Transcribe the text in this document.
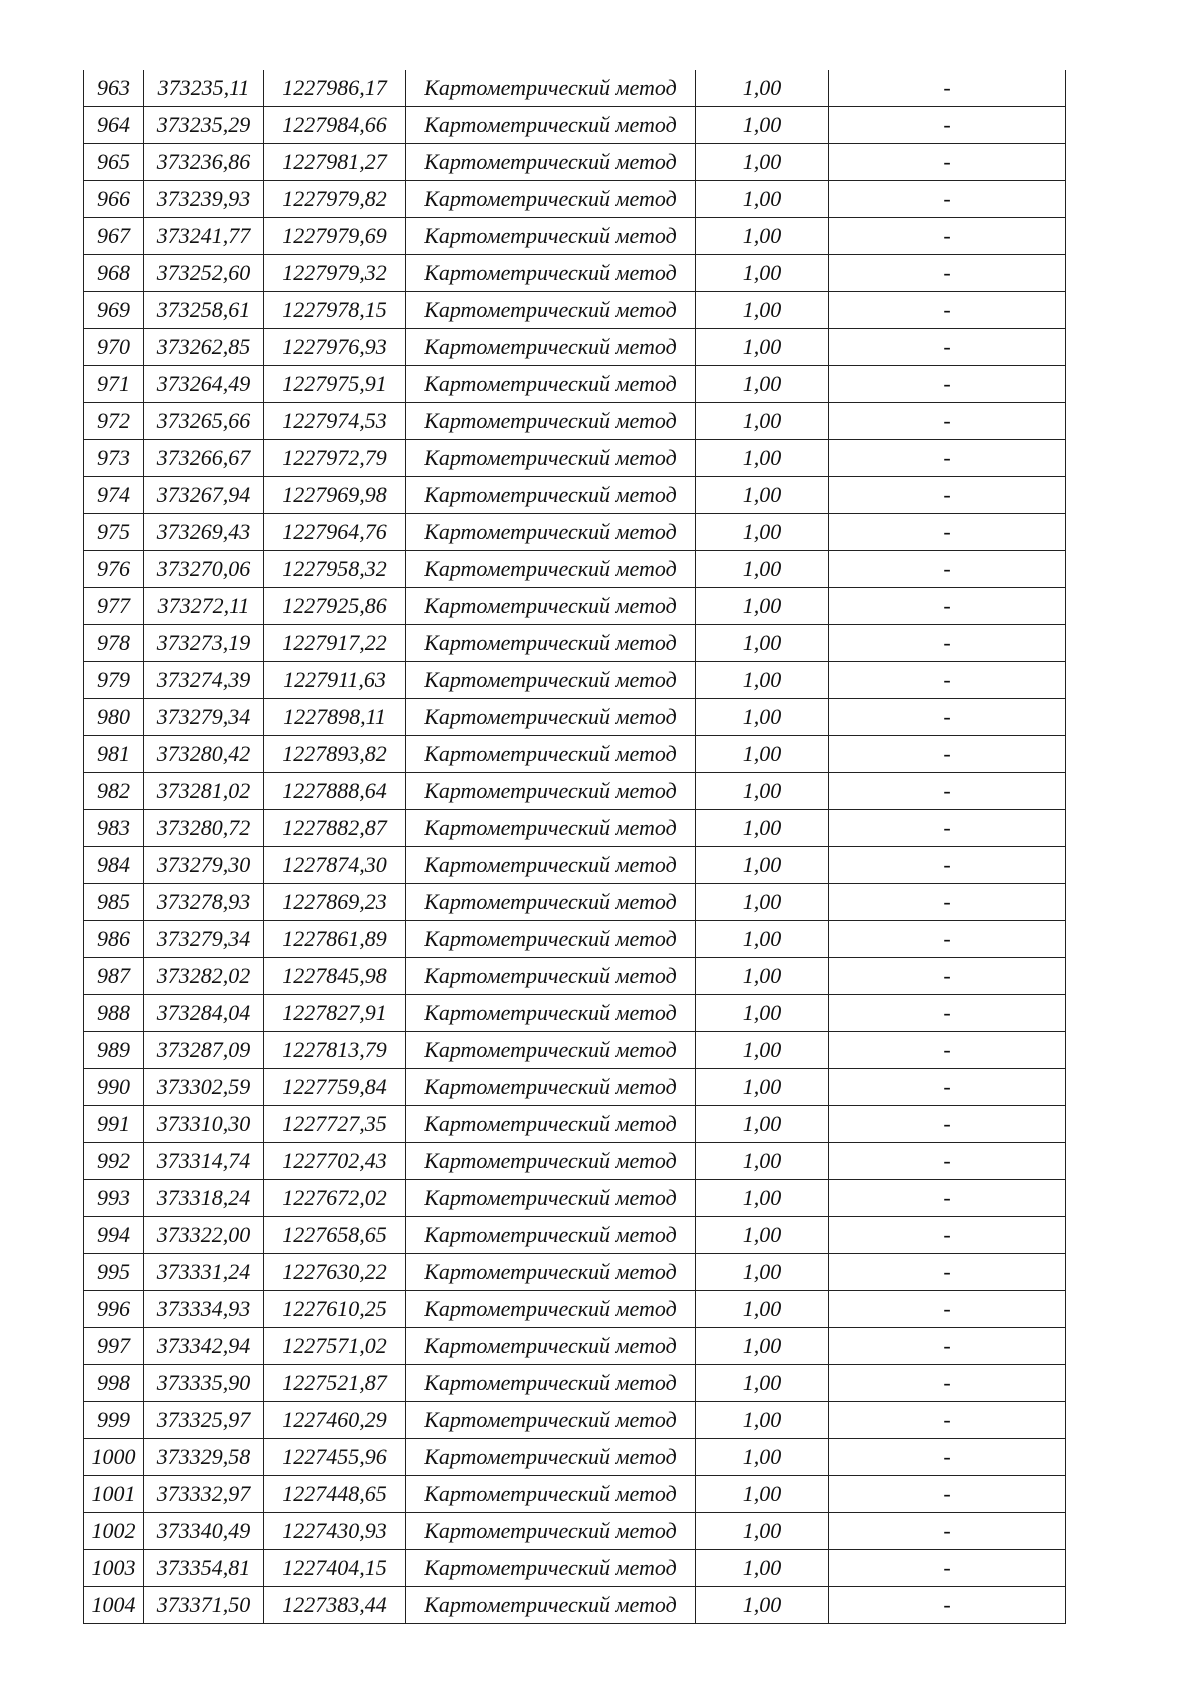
963	373235,11	1227986,17	Картометрический метод	1,00	-
964	373235,29	1227984,66	Картометрический метод	1,00	-
965	373236,86	1227981,27	Картометрический метод	1,00	-
966	373239,93	1227979,82	Картометрический метод	1,00	-
967	373241,77	1227979,69	Картометрический метод	1,00	-
968	373252,60	1227979,32	Картометрический метод	1,00	-
969	373258,61	1227978,15	Картометрический метод	1,00	-
970	373262,85	1227976,93	Картометрический метод	1,00	-
971	373264,49	1227975,91	Картометрический метод	1,00	-
972	373265,66	1227974,53	Картометрический метод	1,00	-
973	373266,67	1227972,79	Картометрический метод	1,00	-
974	373267,94	1227969,98	Картометрический метод	1,00	-
975	373269,43	1227964,76	Картометрический метод	1,00	-
976	373270,06	1227958,32	Картометрический метод	1,00	-
977	373272,11	1227925,86	Картометрический метод	1,00	-
978	373273,19	1227917,22	Картометрический метод	1,00	-
979	373274,39	1227911,63	Картометрический метод	1,00	-
980	373279,34	1227898,11	Картометрический метод	1,00	-
981	373280,42	1227893,82	Картометрический метод	1,00	-
982	373281,02	1227888,64	Картометрический метод	1,00	-
983	373280,72	1227882,87	Картометрический метод	1,00	-
984	373279,30	1227874,30	Картометрический метод	1,00	-
985	373278,93	1227869,23	Картометрический метод	1,00	-
986	373279,34	1227861,89	Картометрический метод	1,00	-
987	373282,02	1227845,98	Картометрический метод	1,00	-
988	373284,04	1227827,91	Картометрический метод	1,00	-
989	373287,09	1227813,79	Картометрический метод	1,00	-
990	373302,59	1227759,84	Картометрический метод	1,00	-
991	373310,30	1227727,35	Картометрический метод	1,00	-
992	373314,74	1227702,43	Картометрический метод	1,00	-
993	373318,24	1227672,02	Картометрический метод	1,00	-
994	373322,00	1227658,65	Картометрический метод	1,00	-
995	373331,24	1227630,22	Картометрический метод	1,00	-
996	373334,93	1227610,25	Картометрический метод	1,00	-
997	373342,94	1227571,02	Картометрический метод	1,00	-
998	373335,90	1227521,87	Картометрический метод	1,00	-
999	373325,97	1227460,29	Картометрический метод	1,00	-
1000	373329,58	1227455,96	Картометрический метод	1,00	-
1001	373332,97	1227448,65	Картометрический метод	1,00	-
1002	373340,49	1227430,93	Картометрический метод	1,00	-
1003	373354,81	1227404,15	Картометрический метод	1,00	-
1004	373371,50	1227383,44	Картометрический метод	1,00	-
